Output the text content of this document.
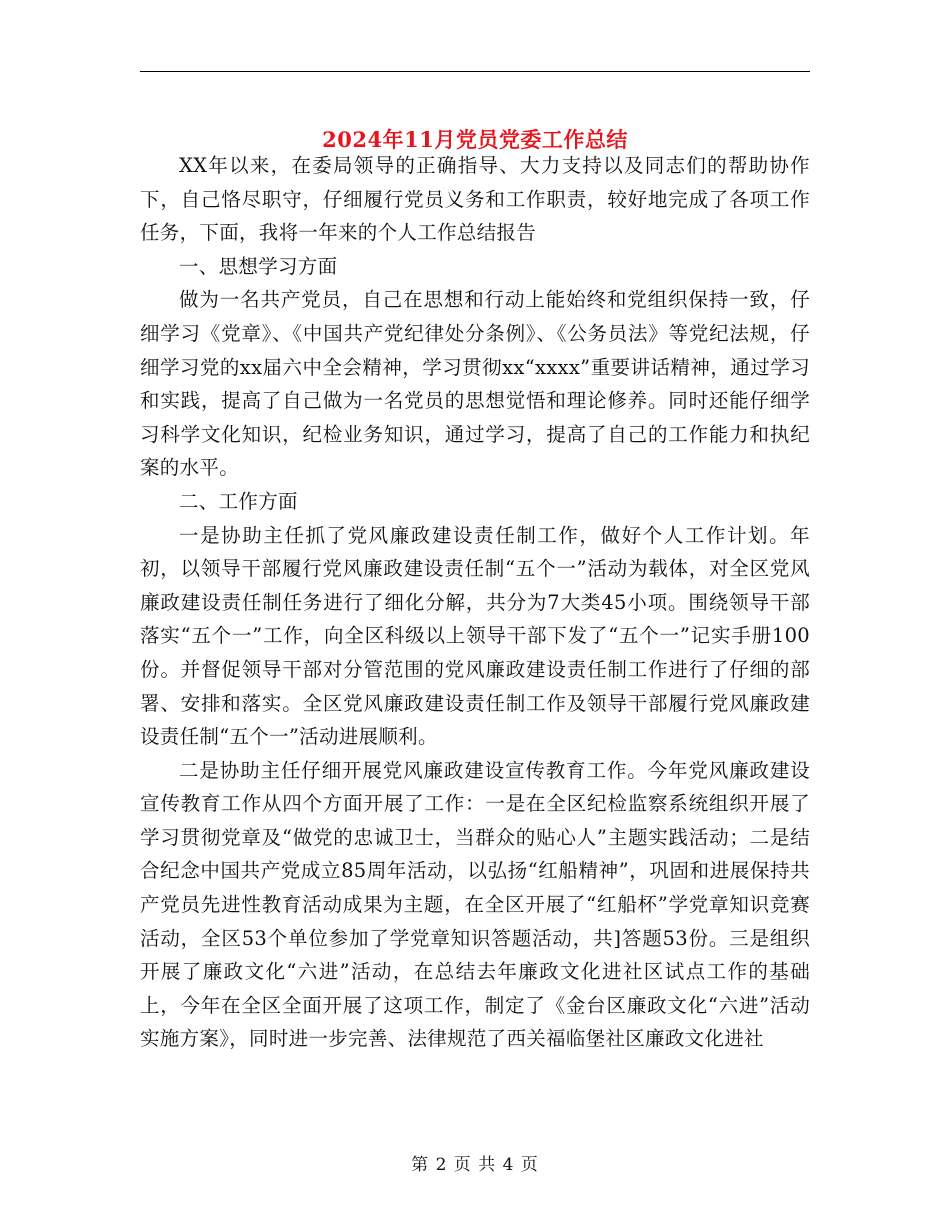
2024年11月党员党委工作总结

XX年以来，在委局领导的正确指导、大力支持以及同志们的帮助协作下，自己恪尽职守，仔细履行党员义务和工作职责，较好地完成了各项工作任务，下面，我将一年来的个人工作总结报告

一、思想学习方面

做为一名共产党员，自己在思想和行动上能始终和党组织保持一致，仔细学习《党章》、《中国共产党纪律处分条例》、《公务员法》等党纪法规，仔细学习党的xx届六中全会精神，学习贯彻xx“xxxx”重要讲话精神，通过学习和实践，提高了自己做为一名党员的思想觉悟和理论修养。同时还能仔细学习科学文化知识，纪检业务知识，通过学习，提高了自己的工作能力和执纪案的水平。

二、工作方面

一是协助主任抓了党风廉政建设责任制工作，做好个人工作计划。年初，以领导干部履行党风廉政建设责任制“五个一”活动为载体，对全区党风廉政建设责任制任务进行了细化分解，共分为7大类45小项。围绕领导干部落实“五个一”工作，向全区科级以上领导干部下发了“五个一”记实手册100份。并督促领导干部对分管范围的党风廉政建设责任制工作进行了仔细的部署、安排和落实。全区党风廉政建设责任制工作及领导干部履行党风廉政建设责任制“五个一”活动进展顺利。

二是协助主任仔细开展党风廉政建设宣传教育工作。今年党风廉政建设宣传教育工作从四个方面开展了工作：一是在全区纪检监察系统组织开展了学习贯彻党章及“做党的忠诚卫士，当群众的贴心人”主题实践活动；二是结合纪念中国共产党成立85周年活动，以弘扬“红船精神”，巩固和进展保持共产党员先进性教育活动成果为主题，在全区开展了“红船杯”学党章知识竞赛活动，全区53个单位参加了学党章知识答题活动，共]答题53份。三是组织开展了廉政文化“六进”活动，在总结去年廉政文化进社区试点工作的基础上，今年在全区全面开展了这项工作，制定了《金台区廉政文化“六进”活动实施方案》，同时进一步完善、法律规范了西关福临堡社区廉政文化进社

第 2 页 共 4 页
